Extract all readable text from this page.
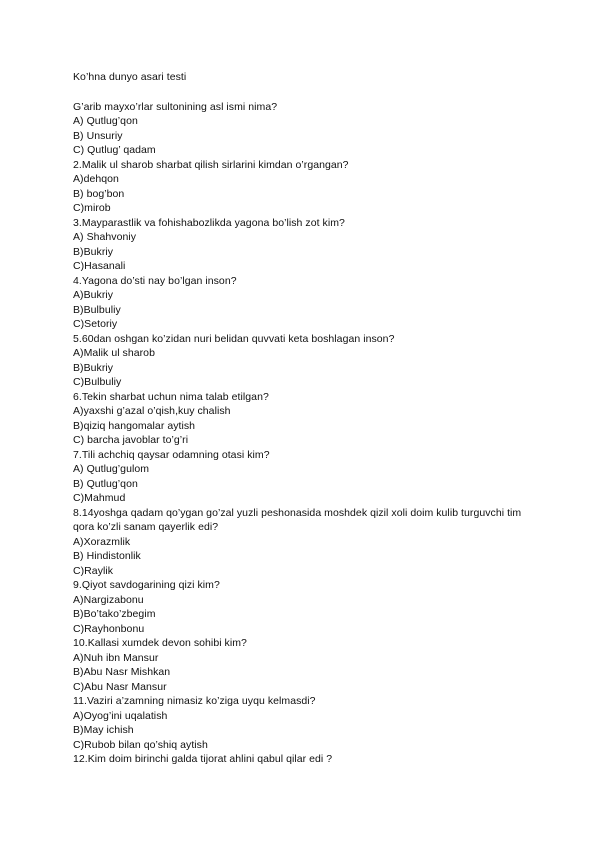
Ko’hna dunyo asari testi
G’arib mayxo’rlar sultonining asl ismi nima?
A) Qutlug’qon
B) Unsuriy
C) Qutlug’ qadam
2.Malik ul sharob sharbat qilish sirlarini kimdan o’rgangan?
A)dehqon
B) bog’bon
C)mirob
3.Mayparastlik va fohishabozlikda yagona bo’lish zot kim?
A) Shahvoniy
B)Bukriy
C)Hasanali
4.Yagona do’sti nay bo’lgan inson?
A)Bukriy
B)Bulbuliy
C)Setoriy
5.60dan oshgan ko’zidan nuri belidan quvvati keta boshlagan inson?
A)Malik ul sharob
B)Bukriy
C)Bulbuliy
6.Tekin sharbat uchun nima talab etilgan?
A)yaxshi g’azal o’qish,kuy chalish
B)qiziq hangomalar aytish
C) barcha javoblar to’g’ri
7.Tili achchiq qaysar odamning otasi kim?
A) Qutlug’gulom
B) Qutlug’qon
C)Mahmud
8.14yoshga qadam qo’ygan go’zal yuzli peshonasida moshdek qizil xoli doim kulib turguvchi tim qora ko’zli sanam qayerlik edi?
A)Xorazmlik
B) Hindistonlik
C)Raylik
9.Qiyot savdogarining qizi kim?
A)Nargizabonu
B)Bo’tako’zbegim
C)Rayhonbonu
10.Kallasi xumdek devon sohibi kim?
A)Nuh ibn Mansur
B)Abu Nasr Mishkan
C)Abu Nasr Mansur
11.Vaziri a’zamning nimasiz ko’ziga uyqu kelmasdi?
A)Oyog’ini uqalatish
B)May ichish
C)Rubob bilan qo’shiq aytish
12.Kim doim birinchi galda tijorat ahlini qabul qilar edi ?
